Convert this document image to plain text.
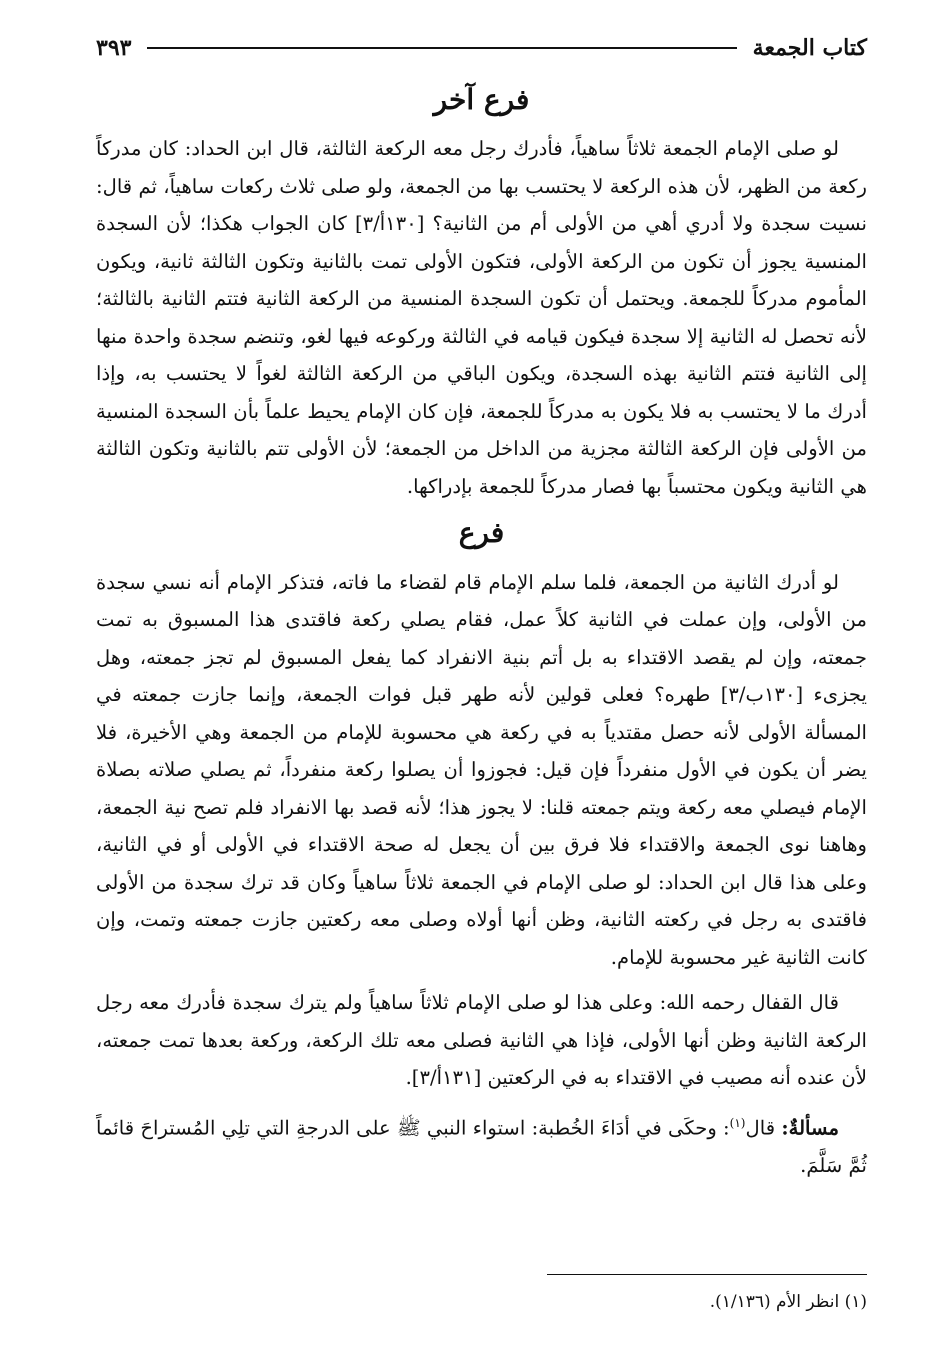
كتاب الجمعة
٣٩٣
فرع آخر

لو صلى الإمام الجمعة ثلاثاً ساهياً، فأدرك رجل معه الركعة الثالثة، قال ابن الحداد: كان مدركاً ركعة من الظهر، لأن هذه الركعة لا يحتسب بها من الجمعة، ولو صلى ثلاث ركعات ساهياً، ثم قال: نسيت سجدة ولا أدري أهي من الأولى أم من الثانية؟ [١٣٠أ/٣] كان الجواب هكذا؛ لأن السجدة المنسية يجوز أن تكون من الركعة الأولى، فتكون الأولى تمت بالثانية وتكون الثالثة ثانية، ويكون المأموم مدركاً للجمعة. ويحتمل أن تكون السجدة المنسية من الركعة الثانية فتتم الثانية بالثالثة؛ لأنه تحصل له الثانية إلا سجدة فيكون قيامه في الثالثة وركوعه فيها لغو، وتنضم سجدة واحدة منها إلى الثانية فتتم الثانية بهذه السجدة، ويكون الباقي من الركعة الثالثة لغواً لا يحتسب به، وإذا أدرك ما لا يحتسب به فلا يكون به مدركاً للجمعة، فإن كان الإمام يحيط علماً بأن السجدة المنسية من الأولى فإن الركعة الثالثة مجزية من الداخل من الجمعة؛ لأن الأولى تتم بالثانية وتكون الثالثة هي الثانية ويكون محتسباً بها فصار مدركاً للجمعة بإدراكها.

فرع

لو أدرك الثانية من الجمعة، فلما سلم الإمام قام لقضاء ما فاته، فتذكر الإمام أنه نسي سجدة من الأولى، وإن عملت في الثانية كلاً عمل، فقام يصلي ركعة فاقتدى هذا المسبوق به تمت جمعته، وإن لم يقصد الاقتداء به بل أتم بنية الانفراد كما يفعل المسبوق لم تجز جمعته، وهل يجزىء [١٣٠ب/٣] طهره؟ فعلى قولين لأنه طهر قبل فوات الجمعة، وإنما جازت جمعته في المسألة الأولى لأنه حصل مقتدياً به في ركعة هي محسوبة للإمام من الجمعة وهي الأخيرة، فلا يضر أن يكون في الأول منفرداً فإن قيل: فجوزوا أن يصلوا ركعة منفرداً، ثم يصلي صلاته بصلاة الإمام فيصلي معه ركعة ويتم جمعته قلنا: لا يجوز هذا؛ لأنه قصد بها الانفراد فلم تصح نية الجمعة، وهاهنا نوى الجمعة والاقتداء فلا فرق بين أن يجعل له صحة الاقتداء في الأولى أو في الثانية، وعلى هذا قال ابن الحداد: لو صلى الإمام في الجمعة ثلاثاً ساهياً وكان قد ترك سجدة من الأولى فاقتدى به رجل في ركعته الثانية، وظن أنها أولاه وصلى معه ركعتين جازت جمعته وتمت، وإن كانت الثانية غير محسوبة للإمام.

قال القفال رحمه الله: وعلى هذا لو صلى الإمام ثلاثاً ساهياً ولم يترك سجدة فأدرك معه رجل الركعة الثانية وظن أنها الأولى، فإذا هي الثانية فصلى معه تلك الركعة، وركعة بعدها تمت جمعته، لأن عنده أنه مصيب في الاقتداء به في الركعتين [١٣١أ/٣].

مسألةٌ: قال$^{(١)}$: وحكَى في أدَاءَ الخُطبة: استواء النبي ﷺ على الدرجةِ التي تلِي المُستراحَ قائماً ثُمَّ سَلَّمَ.

(١) انظر الأم (١/١٣٦).
